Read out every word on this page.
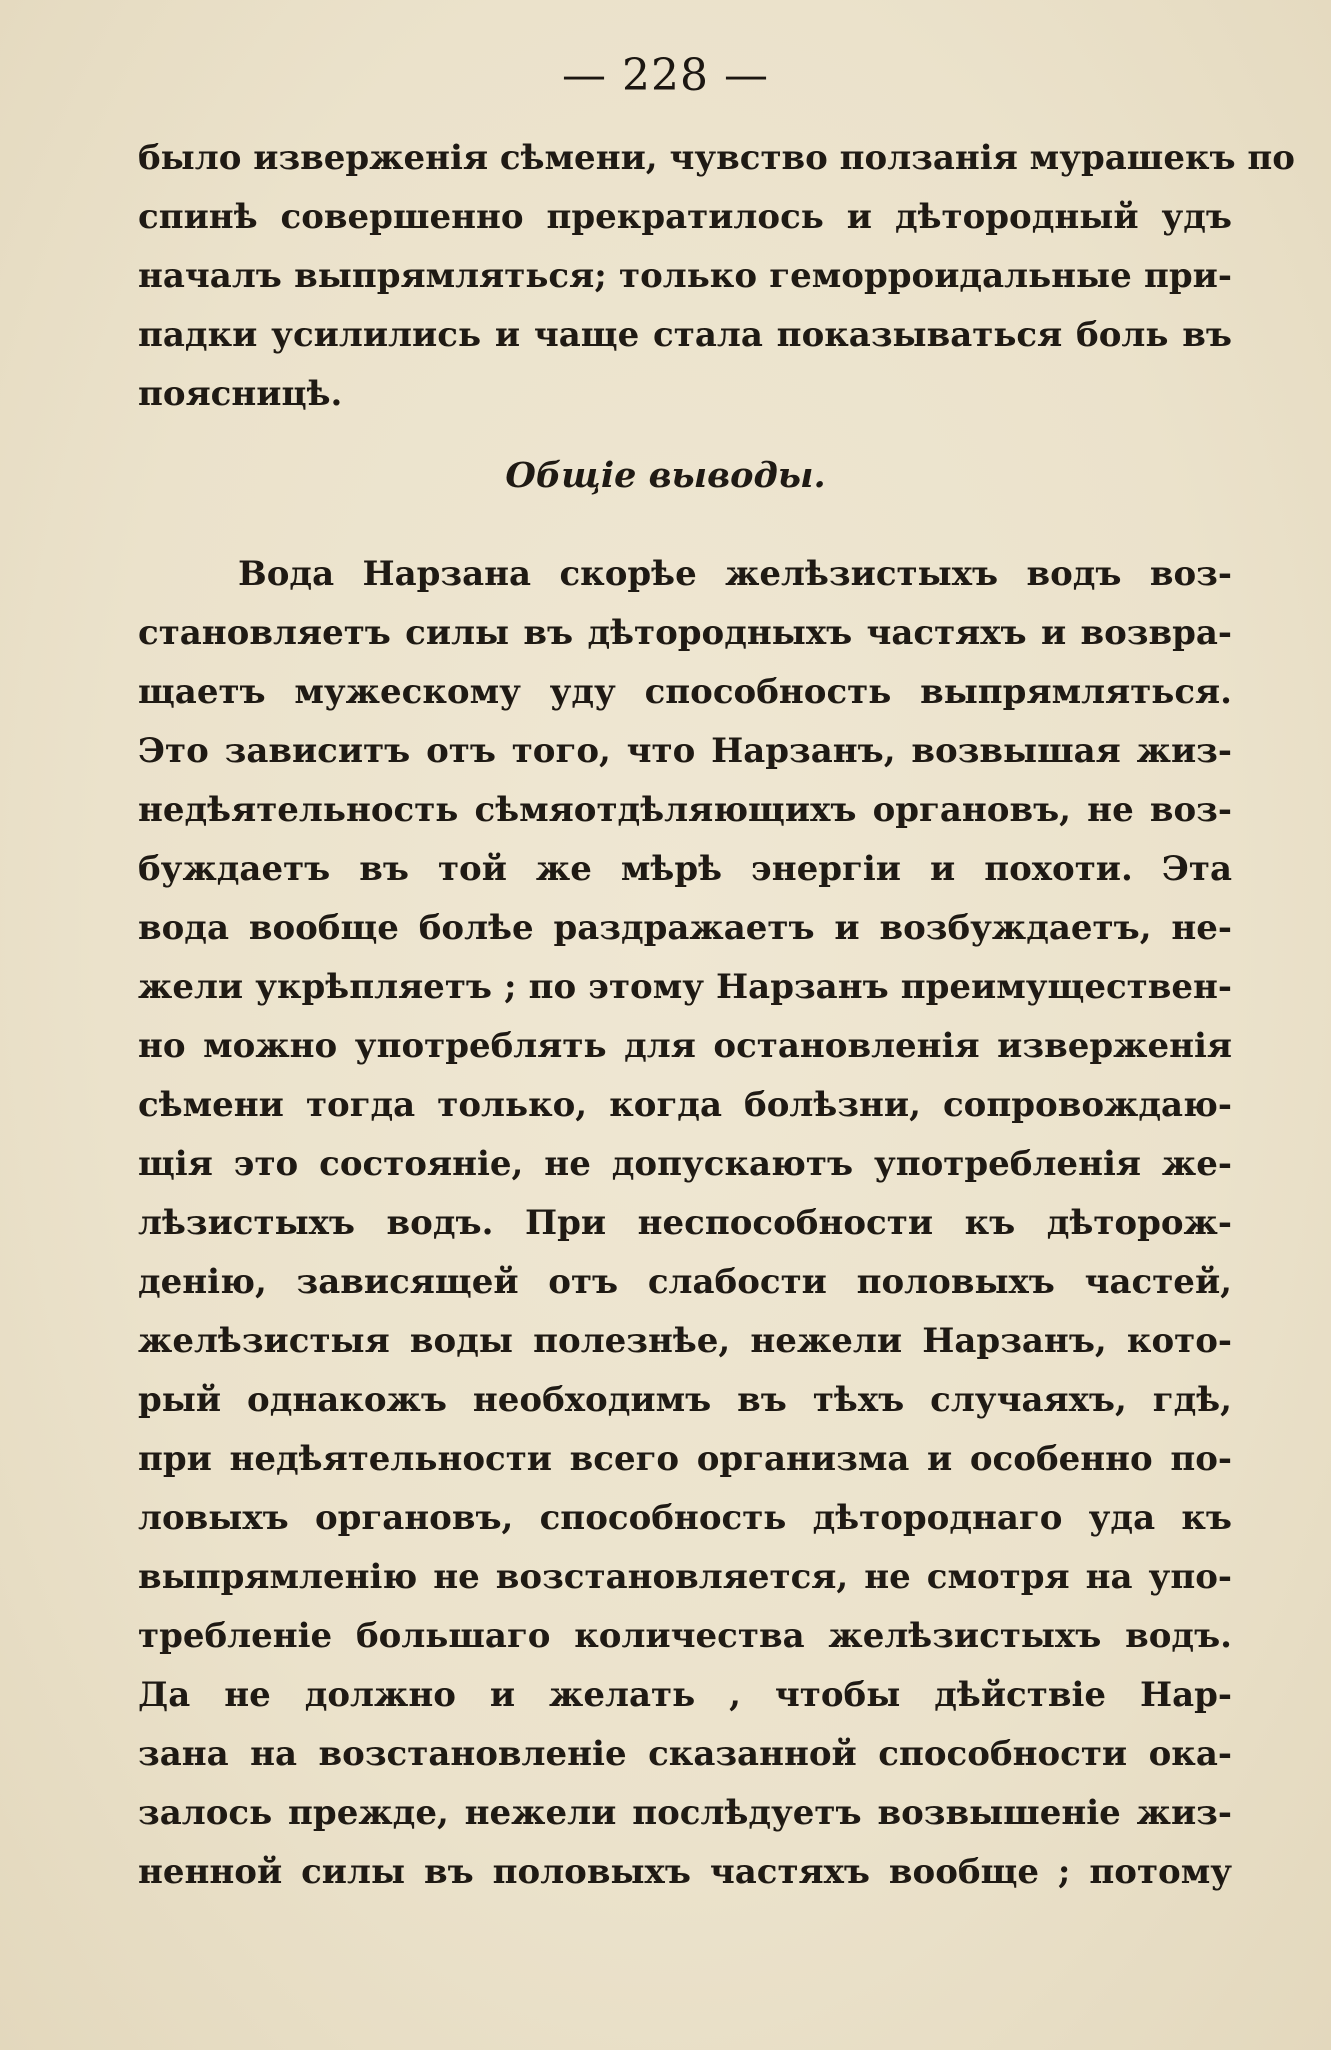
— 228 —
было изверженія сѣмени, чувство ползанія мурашекъ по
спинѣ совершенно прекратилось и дѣтородный удъ
началъ выпрямляться; только геморроидальные при-
падки усилились и чаще стала показываться боль въ
поясницѣ.
Общіе выводы.
Вода Нарзана скорѣе желѣзистыхъ водъ воз-
становляетъ силы въ дѣтородныхъ частяхъ и возвра-
щаетъ мужескому уду способность выпрямляться.
Это зависитъ отъ того, что Нарзанъ, возвышая жиз-
недѣятельность сѣмяотдѣляющихъ органовъ, не воз-
буждаетъ въ той же мѣрѣ энергіи и похоти. Эта
вода вообще болѣе раздражаетъ и возбуждаетъ, не-
жели укрѣпляетъ ; по этому Нарзанъ преимуществен-
но можно употреблять для остановленія изверженія
сѣмени тогда только, когда болѣзни, сопровождаю-
щія это состояніе, не допускаютъ употребленія же-
лѣзистыхъ водъ. При неспособности къ дѣторож-
денію, зависящей отъ слабости половыхъ частей,
желѣзистыя воды полезнѣе, нежели Нарзанъ, кото-
рый однакожъ необходимъ въ тѣхъ случаяхъ, гдѣ,
при недѣятельности всего организма и особенно по-
ловыхъ органовъ, способность дѣтороднаго уда къ
выпрямленію не возстановляется, не смотря на упо-
требленіе большаго количества желѣзистыхъ водъ.
Да не должно и желать , чтобы дѣйствіе Нар-
зана на возстановленіе сказанной способности ока-
залось прежде, нежели послѣдуетъ возвышеніе жиз-
ненной силы въ половыхъ частяхъ вообще ; потому
